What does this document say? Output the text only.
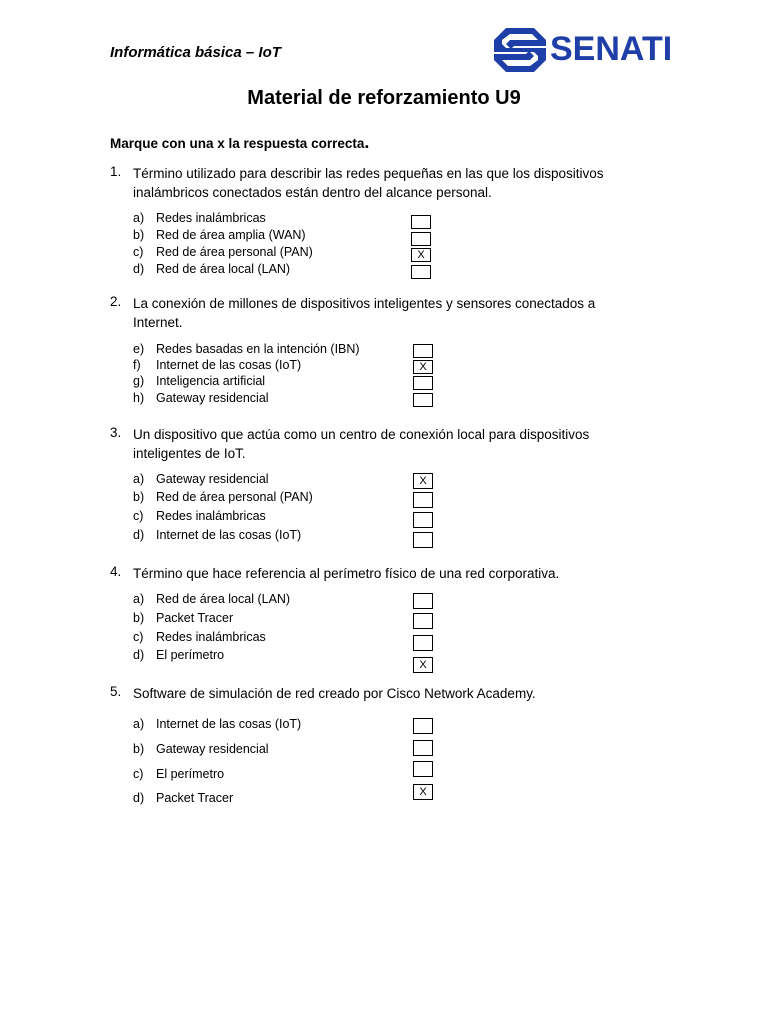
Informática básica – IoT	SENATI
Material de reforzamiento U9
Marque con una x la respuesta correcta.
1. Término utilizado para describir las redes pequeñas en las que los dispositivos
inalámbricos conectados están dentro del alcance personal.
a) Redes inalámbricas
b) Red de área amplia (WAN)
c) Red de área personal (PAN)	X
d) Red de área local (LAN)
2. La conexión de millones de dispositivos inteligentes y sensores conectados a
Internet.
e) Redes basadas en la intención (IBN)
f) Internet de las cosas (IoT)	X
g) Inteligencia artificial
h) Gateway residencial
3. Un dispositivo que actúa como un centro de conexión local para dispositivos
inteligentes de IoT.
a) Gateway residencial	X
b) Red de área personal (PAN)
c) Redes inalámbricas
d) Internet de las cosas (IoT)
4. Término que hace referencia al perímetro físico de una red corporativa.
a) Red de área local (LAN)
b) Packet Tracer
c) Redes inalámbricas
d) El perímetro
X
5. Software de simulación de red creado por Cisco Network Academy.
a) Internet de las cosas (IoT)
b) Gateway residencial
c) El perímetro
d) Packet Tracer	X
